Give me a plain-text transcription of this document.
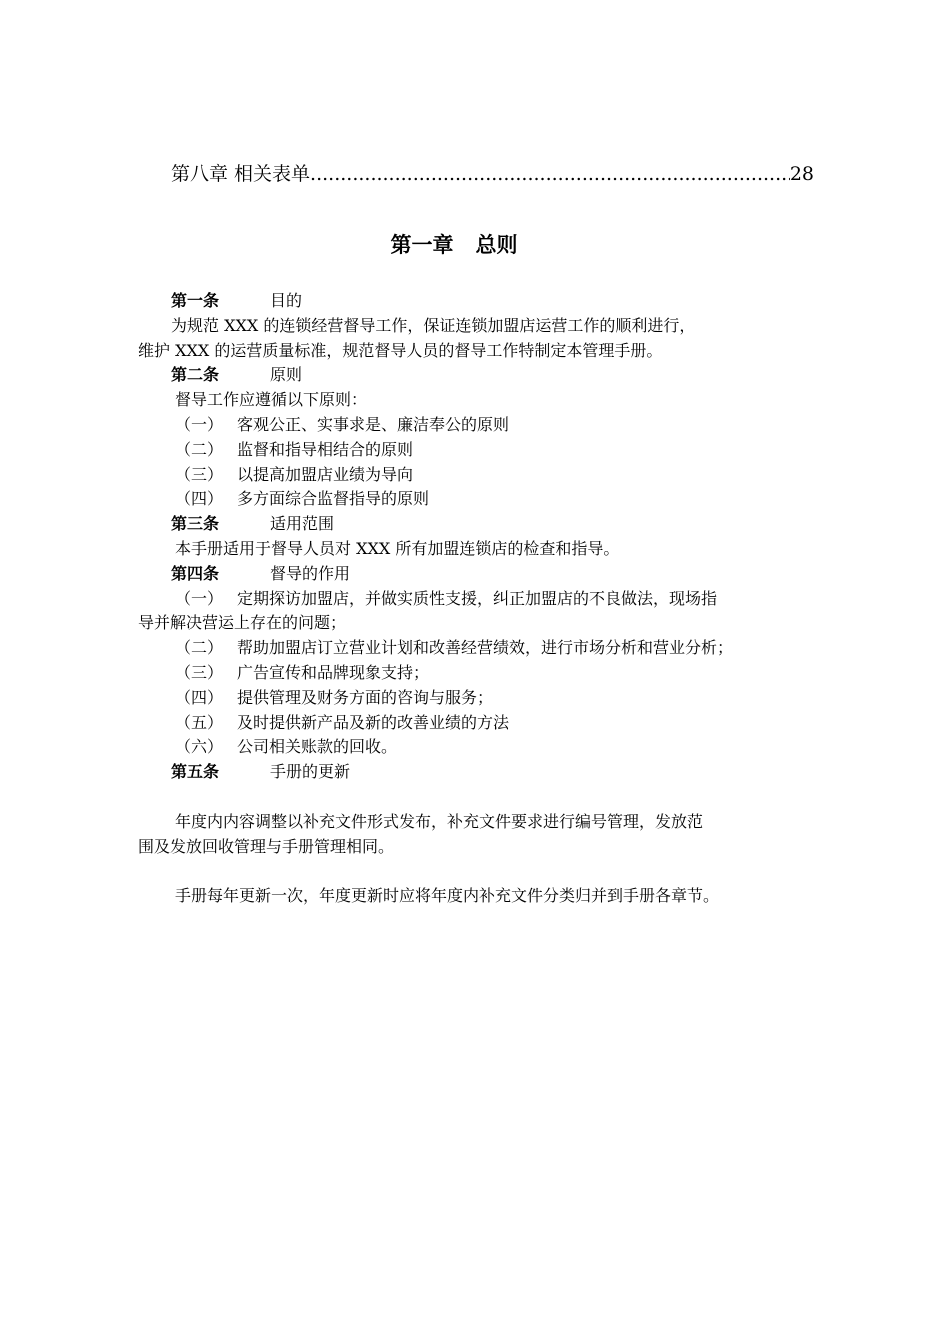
第八章 相关表单
.....	28
第一章 总则
第一条	目的
为规范 XXX 的连锁经营督导工作，保证连锁加盟店运营工作的顺利进行，
维护 XXX 的运营质量标准，规范督导人员的督导工作特制定本管理手册。
第二条	原则
督导工作应遵循以下原则：
（一） 客观公正、实事求是、廉洁奉公的原则
（二） 监督和指导相结合的原则
（三） 以提高加盟店业绩为导向
（四） 多方面综合监督指导的原则
第三条	适用范围
本手册适用于督导人员对 XXX 所有加盟连锁店的检查和指导。
第四条	督导的作用
（一） 定期探访加盟店，并做实质性支援，纠正加盟店的不良做法，现场指
导并解决营运上存在的问题；
（二） 帮助加盟店订立营业计划和改善经营绩效，进行市场分析和营业分析；
（三） 广告宣传和品牌现象支持；
（四） 提供管理及财务方面的咨询与服务；
（五） 及时提供新产品及新的改善业绩的方法
（六） 公司相关账款的回收。
第五条	手册的更新
年度内内容调整以补充文件形式发布，补充文件要求进行编号管理，发放范
围及发放回收管理与手册管理相同。
手册每年更新一次，年度更新时应将年度内补充文件分类归并到手册各章节。
